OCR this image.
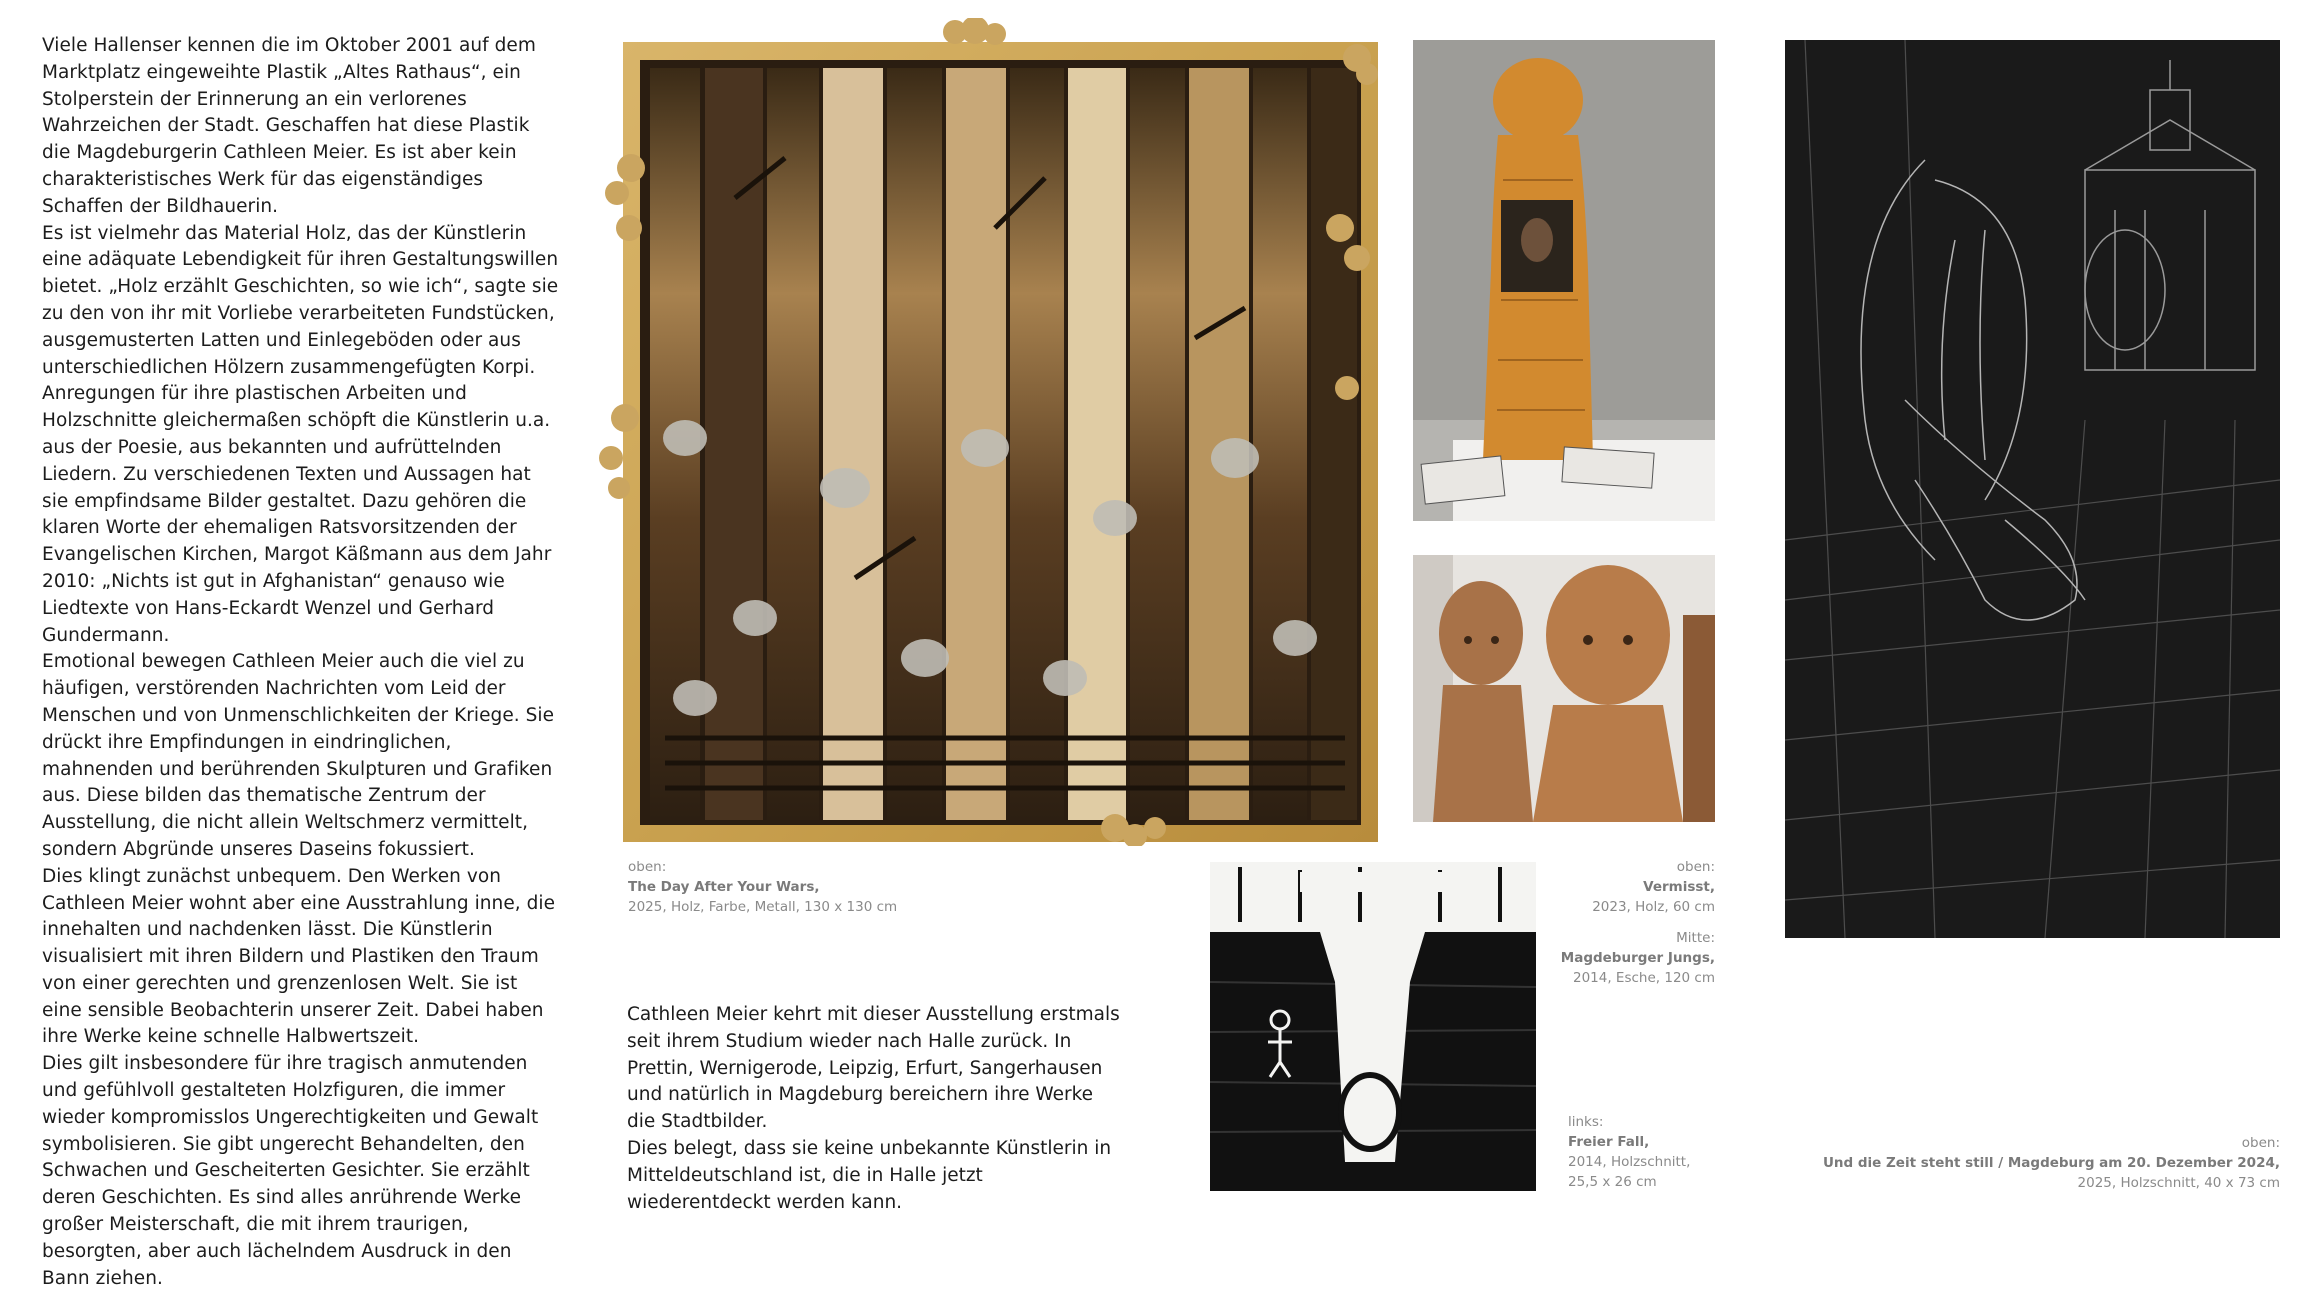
Viele Hallenser kennen die im Oktober 2001 auf dem Marktplatz eingeweihte Plastik „Altes Rathaus“, ein Stolperstein der Erinnerung an ein verlorenes Wahrzeichen der Stadt. Geschaffen hat diese Plastik die Magdeburgerin Cathleen Meier. Es ist aber kein charakteristisches Werk für das eigenständiges Schaffen der Bildhauerin.

Es ist vielmehr das Material Holz, das der Künstlerin eine adäquate Lebendigkeit für ihren Gestaltungswillen bietet. „Holz erzählt Geschichten, so wie ich“, sagte sie zu den von ihr mit Vorliebe verarbeiteten Fundstücken, ausgemusterten Latten und Einlegeböden oder aus unterschiedlichen Hölzern zusammengefügten Korpi.

Anregungen für ihre plastischen Arbeiten und Holzschnitte gleichermaßen schöpft die Künstlerin u.a. aus der Poesie, aus bekannten und aufrüttelnden Liedern. Zu verschiedenen Texten und Aussagen hat sie empfindsame Bilder gestaltet. Dazu gehören die klaren Worte der ehemaligen Ratsvorsitzenden der Evangelischen Kirchen, Margot Käßmann aus dem Jahr 2010: „Nichts ist gut in Afghanistan“ genauso wie Liedtexte von Hans-Eckardt Wenzel und Gerhard Gundermann.

Emotional bewegen Cathleen Meier auch die viel zu häufigen, verstörenden Nachrichten vom Leid der Menschen und von Unmenschlichkeiten der Kriege. Sie drückt ihre Empfindungen in eindringlichen, mahnenden und berührenden Skulpturen und Grafiken aus. Diese bilden das thematische Zentrum der Ausstellung, die nicht allein Weltschmerz vermittelt, sondern Abgründe unseres Daseins fokussiert.

Dies klingt zunächst unbequem. Den Werken von Cathleen Meier wohnt aber eine Ausstrahlung inne, die innehalten und nachdenken lässt. Die Künstlerin visualisiert mit ihren Bildern und Plastiken den Traum von einer gerechten und grenzenlosen Welt. Sie ist eine sensible Beobachterin unserer Zeit. Dabei haben ihre Werke keine schnelle Halbwertszeit.

Dies gilt insbesondere für ihre tragisch anmutenden und gefühlvoll gestalteten Holzfiguren, die immer wieder kompromisslos Ungerechtigkeiten und Gewalt symbolisieren. Sie gibt ungerecht Behandelten, den Schwachen und Gescheiterten Gesichter. Sie erzählt deren Geschichten. Es sind alles anrührende Werke großer Meisterschaft, die mit ihrem traurigen, besorgten, aber auch lächelndem Ausdruck in den Bann ziehen.

Cathleen Meier kehrt mit dieser Ausstellung erstmals seit ihrem Studium wieder nach Halle zurück. In Prettin, Wernigerode, Leipzig, Erfurt, Sangerhausen und natürlich in Magdeburg bereichern ihre Werke die Stadtbilder.

Dies belegt, dass sie keine unbekannte Künstlerin in Mitteldeutschland ist, die in Halle jetzt wiederentdeckt werden kann.

oben:
The Day After Your Wars,
2025, Holz, Farbe, Metall, 130 x 130 cm
oben:
Vermisst,
2023, Holz, 60 cm
Mitte:
Magdeburger Jungs,
2014, Esche, 120 cm
links:
Freier Fall,
2014, Holzschnitt,
25,5 x 26 cm
oben:
Und die Zeit steht still / Magdeburg am 20. Dezember 2024,
2025, Holzschnitt, 40 x 73 cm
